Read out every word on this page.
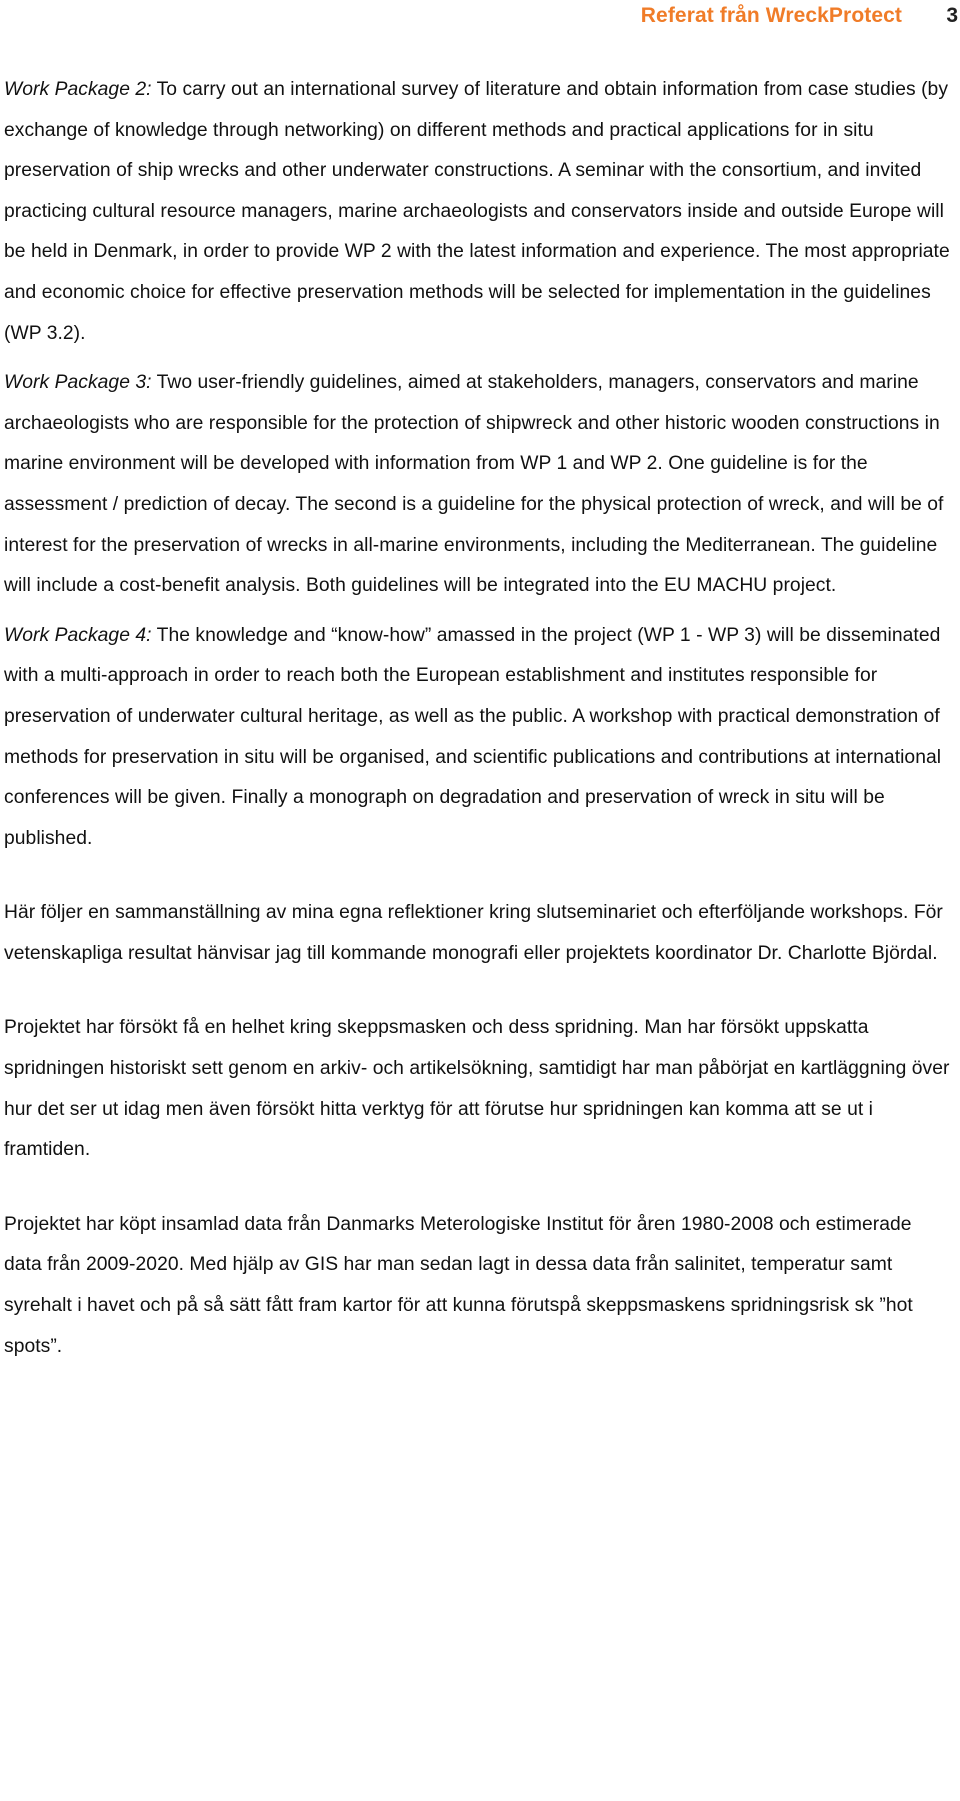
Referat från WreckProtect 3

Work Package 2: To carry out an international survey of literature and obtain information from case studies (by exchange of knowledge through networking) on different methods and practical applications for in situ preservation of ship wrecks and other underwater constructions. A seminar with the consortium, and invited practicing cultural resource managers, marine archaeologists and conservators inside and outside Europe will be held in Denmark, in order to provide WP 2 with the latest information and experience. The most appropriate and economic choice for effective preservation methods will be selected for implementation in the guidelines (WP 3.2).

Work Package 3: Two user-friendly guidelines, aimed at stakeholders, managers, conservators and marine archaeologists who are responsible for the protection of shipwreck and other historic wooden constructions in marine environment will be developed with information from WP 1 and WP 2. One guideline is for the assessment / prediction of decay. The second is a guideline for the physical protection of wreck, and will be of interest for the preservation of wrecks in all-marine environments, including the Mediterranean. The guideline will include a cost-benefit analysis. Both guidelines will be integrated into the EU MACHU project.

Work Package 4: The knowledge and “know-how” amassed in the project (WP 1 - WP 3) will be disseminated with a multi-approach in order to reach both the European establishment and institutes responsible for preservation of underwater cultural heritage, as well as the public. A workshop with practical demonstration of methods for preservation in situ will be organised, and scientific publications and contributions at international conferences will be given. Finally a monograph on degradation and preservation of wreck in situ will be published.

Här följer en sammanställning av mina egna reflektioner kring slutseminariet och efterföljande workshops. För vetenskapliga resultat hänvisar jag till kommande monografi eller projektets koordinator Dr. Charlotte Björdal.

Projektet har försökt få en helhet kring skeppsmasken och dess spridning. Man har försökt uppskatta spridningen historiskt sett genom en arkiv- och artikelsökning, samtidigt har man påbörjat en kartläggning över hur det ser ut idag men även försökt hitta verktyg för att förutse hur spridningen kan komma att se ut i framtiden.

Projektet har köpt insamlad data från Danmarks Meterologiske Institut för åren 1980-2008 och estimerade data från 2009-2020. Med hjälp av GIS har man sedan lagt in dessa data från salinitet, temperatur samt syrehalt i havet och på så sätt fått fram kartor för att kunna förutspå skeppsmaskens spridningsrisk sk ”hot spots”.
